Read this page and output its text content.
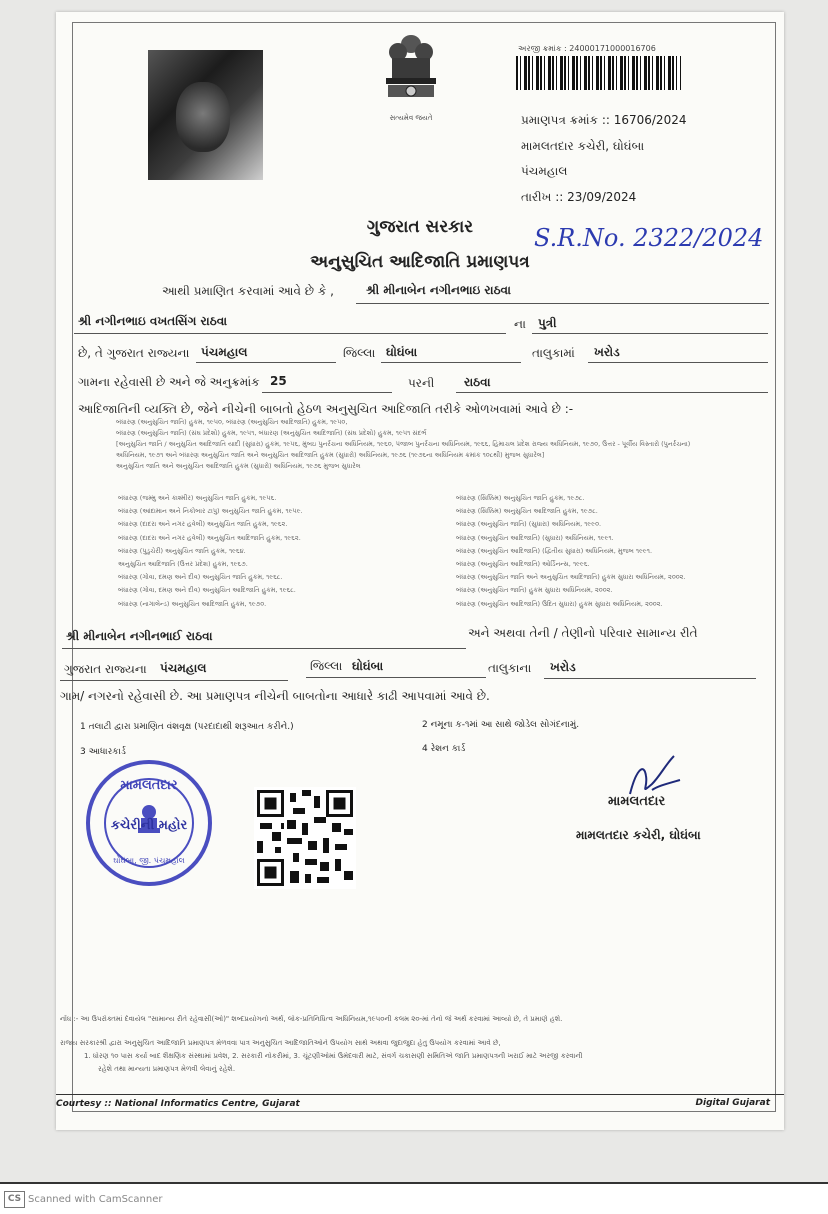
સત્યમેવ જયતે
અરજી ક્રમાંક : 24000171000016706
પ્રમાણપત્ર ક્રમાંક :: 16706/2024
મામલતદાર કચેરી, ઘોઘંબા
પંચમહાલ
તારીખ :: 23/09/2024
S.R.No. 2322/2024
ગુજરાત સરકાર
અનુસુચિત આદિજાતિ પ્રમાણપત્ર
આથી પ્રમાણિત કરવામાં આવે છે કે ,	શ્રી મીનાબેન નગીનભાઇ રાઠવા
શ્રી નગીનભાઇ વખતસિંગ રાઠવા	ના પુત્રી
છે, તે ગુજરાત રાજ્યના પંચમહાલ	જિલ્લા ઘોઘંબા	તાલુકામાં ખરોડ
ગામના રહેવાસી છે અને જે અનુક્રમાંક 25	પરની રાઠવા
આદિજાતિની વ્યક્તિ છે, જેને નીચેની બાબતો હેઠળ અનુસુચિત આદિજાતિ તરીકે ઓળખવામાં આવે છે :-
બંધારણ (અનુસુચિત જાતિ) હુકમ, ૧૯૫૦, બંધારણ (અનુસુચિત આદિજાતિ) હુકમ, ૧૯૫૦,
બંધારણ (અનુસુચિત જાતિ) (સંઘ પ્રદેશો) હુકમ, ૧૯૫૧, બંધારણ (અનુસુચિત આદિજાતિ) (સંઘ પ્રદેશો) હુકમ, ૧૯૫૧ સંદર્ભ
[અનુસુચિત જાતિ / અનુસુચિત આદિજાતિ યાદી (સુધારા) હુકમ, ૧૯૫૬, મુંબઇ પુનર્રચના અધિનિયમ, ૧૯૬૦, પંજાબ પુનર્રચના અધિનિયમ, ૧૯૬૬, હિમાચલ પ્રદેશ રાજ્ય અધિનિયમ, ૧૯૭૦, ઉત્તર - પૂર્વીય વિસ્તારો (પુનર્રચના)
અધિનિયમ, ૧૯૭૧ અને બંધારણ અનુસુચિત જાતિ અને અનુસુચિત આદિજાતિ હુકમ (સુધારો) અધિનિયમ, ૧૯૭૬ (૧૯૭૬ના અધિનિયમ ક્રમાંક ૧૦૮થી) મુજબ સુધારેલ]
અનુસુચિત જાતિ અને અનુસુચિત આદિજાતિ હુકમ (સુધારો) અધિનિયમ, ૧૯૭૬ મુજબ સુધારેલ
બંધારણ (જમ્મુ અને કાશ્મીર) અનુસુચિત જાતિ હુકમ, ૧૯૫૬.
બંધારણ (આંદામાન અને નિકોબાર ટાપુ) અનુસુચિત જાતિ હુકમ, ૧૯૫૯.
બંધારણ (દાદરા અને નગર હવેલી) અનુસુચિત જાતિ હુકમ, ૧૯૬૨.
બંધારણ (દાદરા અને નગર હવેલી) અનુસુચિત આદિજાતિ હુકમ, ૧૯૬૨.
બંધારણ (પુડુચેરી) અનુસુચિત જાતિ હુકમ, ૧૯૬૪.
અનુસુચિત આદિજાતિ (ઉત્તર પ્રદેશ) હુકમ, ૧૯૬૭.
બંધારણ (ગોવા, દમણ અને દીવ) અનુસુચિત જાતિ હુકમ, ૧૯૬૮.
બંધારણ (ગોવા, દમણ અને દીવ) અનુસુચિત આદિજાતિ હુકમ, ૧૯૬૮.
બંધારણ (નાગાલેન્ડ) અનુસુચિત આદિજાતિ હુકમ, ૧૯૭૦.
બંધારણ (સિક્કિમ) અનુસુચિત જાતિ હુકમ, ૧૯૭૮.
બંધારણ (સિક્કિમ) અનુસુચિત આદિજાતિ હુકમ, ૧૯૭૮.
બંધારણ (અનુસુચિત જાતિ) (સુધારા) અધિનિયમ, ૧૯૯૦.
બંધારણ (અનુસુચિત આદિજાતિ) (સુધારા) અધિનિયમ, ૧૯૯૧.
બંધારણ (અનુસુચિત આદિજાતિ) (દ્વિતીય સુધારા) અધિનિયમ, મુજબ ૧૯૯૧.
બંધારણ (અનુસુચિત આદિજાતિ) ઓર્ડિનન્સ, ૧૯૯૬.
બંધારણ (અનુસુચિત જાતિ અને અનુસુચિત આદિજાતિ) હુકમ સુધારા અધિનિયમ, ૨૦૦૨.
બંધારણ (અનુસુચિત જાતિ) હુકમ સુધારા અધિનિયમ, ૨૦૦૨.
બંધારણ (અનુસુચિત આદિજાતિ) ઉદિત સુધારા) હુકમ સુધારા અધિનિયમ, ૨૦૦૨.
શ્રી મીનાબેન નગીનભાઈ રાઠવા	અને અથવા તેની / તેણીનો પરિવાર સામાન્ય રીતે
ગુજરાત રાજ્યના પંચમહાલ	જિલ્લા ઘોઘંબા	તાલુકાના ખરોડ
ગામ/ નગરનો રહેવાસી છે. આ પ્રમાણપત્ર નીચેની બાબતોના આધારે કાઢી આપવામાં આવે છે.
1 તલાટી દ્વારા પ્રમાણિત વંશવૃક્ષ (પરદાદાથી શરૂઆત કરીને.)	2 નમૂના ક-૧માં આ સાથે જોડેલ સોગંદનામું.
3 આધારકાર્ડ	4 રેશન કાર્ડ
મામલતદાર
કચેરીની મહોર
ઘોઘંબા, જી. પંચમહાલ
મામલતદાર
મામલતદાર કચેરી, ઘોઘંબા
નોંધ :- આ ઉપરોક્તમાં દેવાયેલ "સામાન્ય રીતે રહેવાસી(ઓ)" શબ્દપ્રયોગનો અર્થ, લોક-પ્રતિનિધિત્વ અધિનિયમ,૧૯૫૦ની કલમ ૨૦-માં તેનો જે અર્થ કરવામાં આવ્યો છે, તે પ્રમાણે હશે.
રાજ્ય સરકારશ્રી દ્વારા અનુસુચિત આદિજાતિ પ્રમાણપત્ર મેળવવા પાત્ર અનુસુચિત આદિજાતિઓને ઉપયોગ સાથે અથવા જુદાજુદા હેતુ ઉપયોગ કરવામાં આવે છે,
1. ધોરણ ૧૦ પાસ કર્યા બાદ શૈક્ષણિક સંસ્થામાં પ્રવેશ, 2. સરકારી નોકરીમાં, 3. ચૂંટણીઓમાં ઉમેદવારી માટે, સંવર્ગ ચકાસણી સમિતિએ જાતિ પ્રમાણપત્રની ખરાઈ માટે અરજી કરવાની
રહેશે તથા માન્યતા પ્રમાણપત્ર મેળવી લેવાનું રહેશે.
Courtesy :: National Informatics Centre, Gujarat	Digital Gujarat
CS Scanned with CamScanner
